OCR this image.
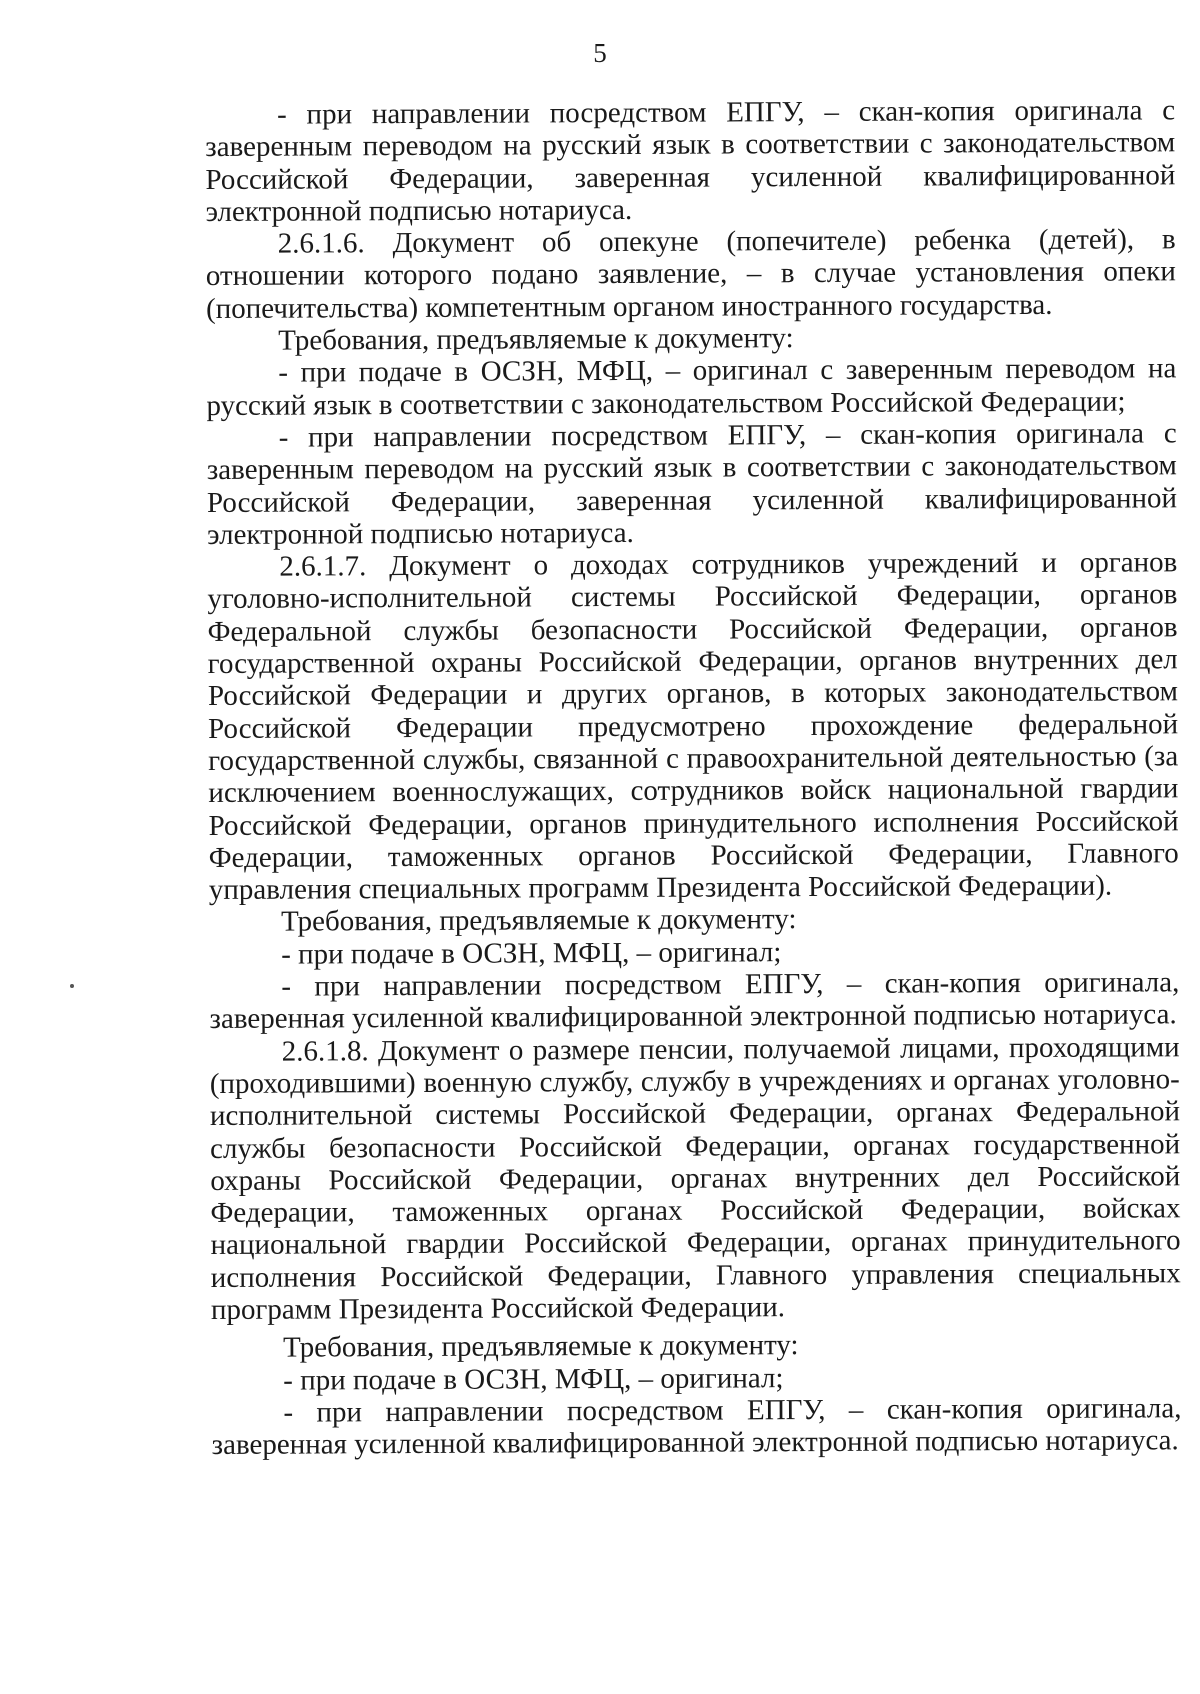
5

- при направлении посредством ЕПГУ, – скан-копия оригинала с заверенным переводом на русский язык в соответствии с законодательством Российской Федерации, заверенная усиленной квалифицированной электронной подписью нотариуса.

2.6.1.6. Документ об опекуне (попечителе) ребенка (детей), в отношении которого подано заявление, – в случае установления опеки (попечительства) компетентным органом иностранного государства.

Требования, предъявляемые к документу:

- при подаче в ОСЗН, МФЦ, – оригинал с заверенным переводом на русский язык в соответствии с законодательством Российской Федерации;

- при направлении посредством ЕПГУ, – скан-копия оригинала с заверенным переводом на русский язык в соответствии с законодательством Российской Федерации, заверенная усиленной квалифицированной электронной подписью нотариуса.

2.6.1.7. Документ о доходах сотрудников учреждений и органов уголовно-исполнительной системы Российской Федерации, органов Федеральной службы безопасности Российской Федерации, органов государственной охраны Российской Федерации, органов внутренних дел Российской Федерации и других органов, в которых законодательством Российской Федерации предусмотрено прохождение федеральной государственной службы, связанной с правоохранительной деятельностью (за исключением военнослужащих, сотрудников войск национальной гвардии Российской Федерации, органов принудительного исполнения Российской Федерации, таможенных органов Российской Федерации, Главного управления специальных программ Президента Российской Федерации).

Требования, предъявляемые к документу:

- при подаче в ОСЗН, МФЦ, – оригинал;

- при направлении посредством ЕПГУ, – скан-копия оригинала, заверенная усиленной квалифицированной электронной подписью нотариуса.

2.6.1.8. Документ о размере пенсии, получаемой лицами, проходящими (проходившими) военную службу, службу в учреждениях и органах уголовно-исполнительной системы Российской Федерации, органах Федеральной службы безопасности Российской Федерации, органах государственной охраны Российской Федерации, органах внутренних дел Российской Федерации, таможенных органах Российской Федерации, войсках национальной гвардии Российской Федерации, органах принудительного исполнения Российской Федерации, Главного управления специальных программ Президента Российской Федерации.

Требования, предъявляемые к документу:

- при подаче в ОСЗН, МФЦ, – оригинал;

- при направлении посредством ЕПГУ, – скан-копия оригинала, заверенная усиленной квалифицированной электронной подписью нотариуса.
